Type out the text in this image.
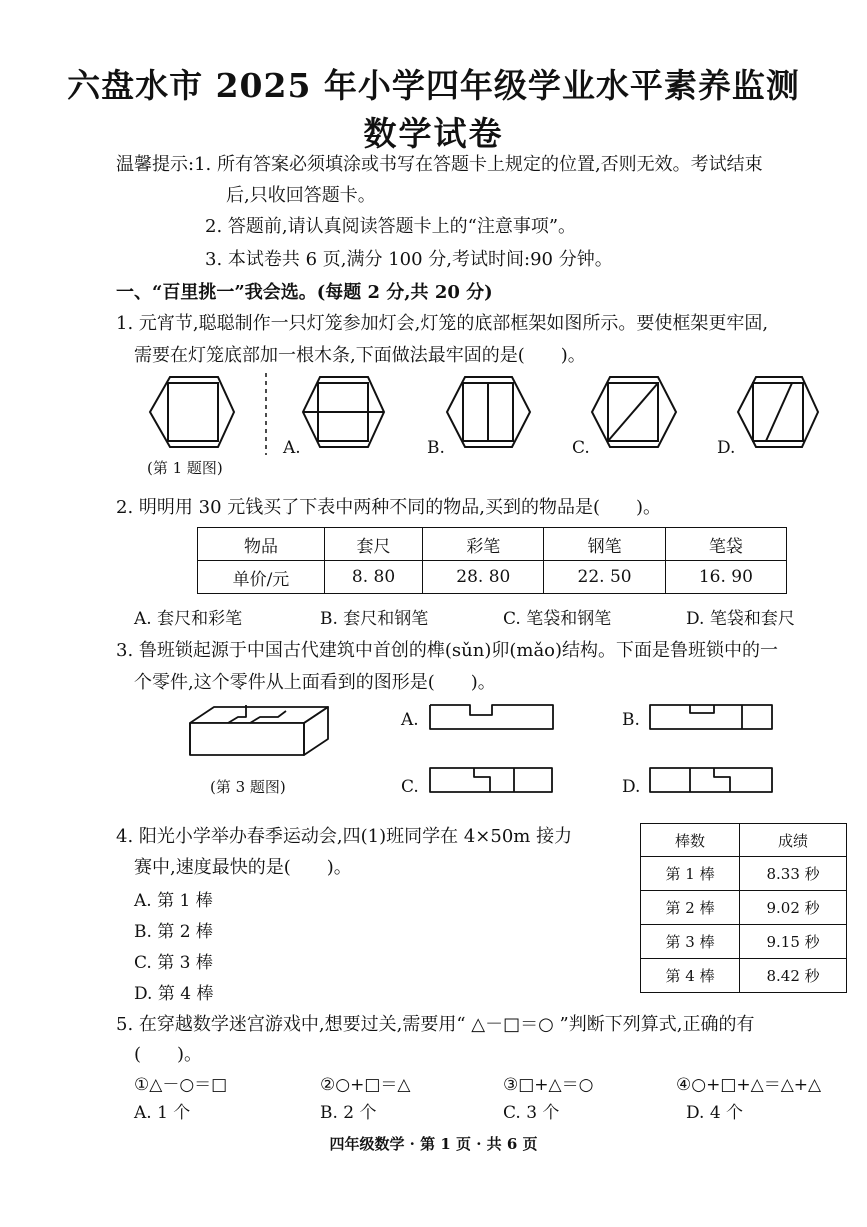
六盘水市 2025 年小学四年级学业水平素养监测
数学试卷
温馨提示:1. 所有答案必须填涂或书写在答题卡上规定的位置,否则无效。考试结束
后,只收回答题卡。
2. 答题前,请认真阅读答题卡上的“注意事项”。
3. 本试卷共 6 页,满分 100 分,考试时间:90 分钟。
一、“百里挑一”我会选。(每题 2 分,共 20 分)
1. 元宵节,聪聪制作一只灯笼参加灯会,灯笼的底部框架如图所示。要使框架更牢固,
需要在灯笼底部加一根木条,下面做法最牢固的是(　　)。
A.	B.	C.	D.
(第 1 题图)
2. 明明用 30 元钱买了下表中两种不同的物品,买到的物品是(　　)。
物品	套尺	彩笔	钢笔	笔袋
单价/元	8. 80	28. 80	22. 50	16. 90
A. 套尺和彩笔	B. 套尺和钢笔	C. 笔袋和钢笔	D. 笔袋和套尺
3. 鲁班锁起源于中国古代建筑中首创的榫(sǔn)卯(mǎo)结构。下面是鲁班锁中的一
个零件,这个零件从上面看到的图形是(　　)。
A.	B.
C.	D.
(第 3 题图)
4. 阳光小学举办春季运动会,四(1)班同学在 4×50m 接力
赛中,速度最快的是(　　)。
A. 第 1 棒
B. 第 2 棒
C. 第 3 棒
D. 第 4 棒
棒数	成绩
第 1 棒	8.33 秒
第 2 棒	9.02 秒
第 3 棒	9.15 秒
第 4 棒	8.42 秒
5. 在穿越数学迷宫游戏中,想要过关,需要用“ △－□＝○ ”判断下列算式,正确的有
(　　)。
①△－○＝□	②○+□＝△	③□+△＝○	④○+□+△＝△+△
A. 1 个	B. 2 个	C. 3 个	D. 4 个
四年级数学 · 第 1 页 · 共 6 页
